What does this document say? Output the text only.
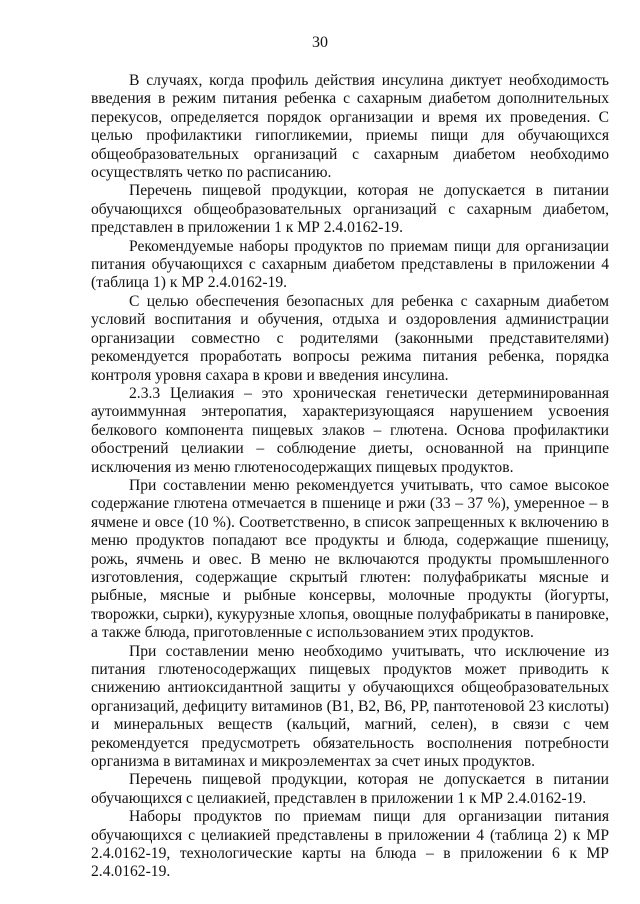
30

В случаях, когда профиль действия инсулина диктует необходимость введения в режим питания ребенка с сахарным диабетом дополнительных перекусов, определяется порядок организации и время их проведения. С целью профилактики гипогликемии, приемы пищи для обучающихся общеобразовательных организаций с сахарным диабетом необходимо осуществлять четко по расписанию.

Перечень пищевой продукции, которая не допускается в питании обучающихся общеобразовательных организаций с сахарным диабетом, представлен в приложении 1 к МР 2.4.0162-19.

Рекомендуемые наборы продуктов по приемам пищи для организации питания обучающихся с сахарным диабетом представлены в приложении 4 (таблица 1) к МР 2.4.0162-19.

С целью обеспечения безопасных для ребенка с сахарным диабетом условий воспитания и обучения, отдыха и оздоровления администрации организации совместно с родителями (законными представителями) рекомендуется проработать вопросы режима питания ребенка, порядка контроля уровня сахара в крови и введения инсулина.

2.3.3 Целиакия – это хроническая генетически детерминированная аутоиммунная энтеропатия, характеризующаяся нарушением усвоения белкового компонента пищевых злаков – глютена. Основа профилактики обострений целиакии – соблюдение диеты, основанной на принципе исключения из меню глютеносодержащих пищевых продуктов.

При составлении меню рекомендуется учитывать, что самое высокое содержание глютена отмечается в пшенице и ржи (33 – 37 %), умеренное – в ячмене и овсе (10 %). Соответственно, в список запрещенных к включению в меню продуктов попадают все продукты и блюда, содержащие пшеницу, рожь, ячмень и овес. В меню не включаются продукты промышленного изготовления, содержащие скрытый глютен: полуфабрикаты мясные и рыбные, мясные и рыбные консервы, молочные продукты (йогурты, творожки, сырки), кукурузные хлопья, овощные полуфабрикаты в панировке, а также блюда, приготовленные с использованием этих продуктов.

При составлении меню необходимо учитывать, что исключение из питания глютеносодержащих пищевых продуктов может приводить к снижению антиоксидантной защиты у обучающихся общеобразовательных организаций, дефициту витаминов (В1, В2, В6, РР, пантотеновой 23 кислоты) и минеральных веществ (кальций, магний, селен), в связи с чем рекомендуется предусмотреть обязательность восполнения потребности организма в витаминах и микроэлементах за счет иных продуктов.

Перечень пищевой продукции, которая не допускается в питании обучающихся с целиакией, представлен в приложении 1 к МР 2.4.0162-19.

Наборы продуктов по приемам пищи для организации питания обучающихся с целиакией представлены в приложении 4 (таблица 2) к МР 2.4.0162-19, технологические карты на блюда – в приложении 6 к МР 2.4.0162-19.
